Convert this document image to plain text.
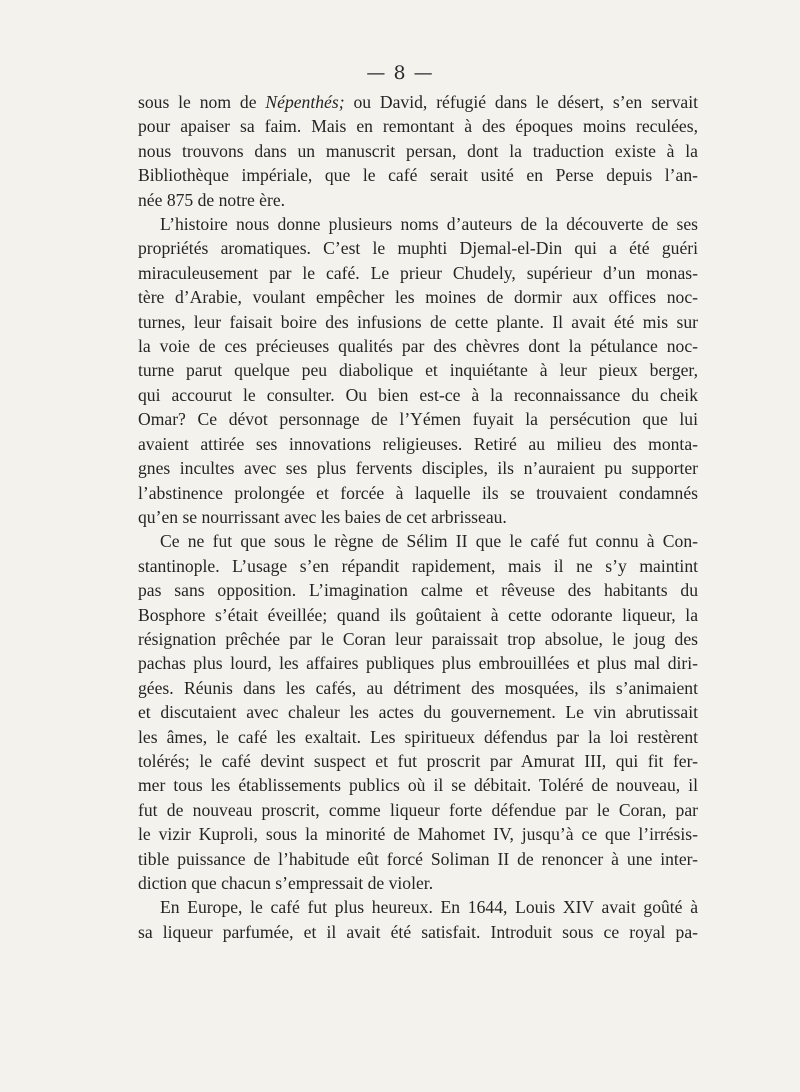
— 8 —

sous le nom de Népenthés; ou David, réfugié dans le désert, s’en servait
pour apaiser sa faim. Mais en remontant à des époques moins reculées,
nous trouvons dans un manuscrit persan, dont la traduction existe à la
Bibliothèque impériale, que le café serait usité en Perse depuis l’an-
née 875 de notre ère.

L’histoire nous donne plusieurs noms d’auteurs de la découverte de ses
propriétés aromatiques. C’est le muphti Djemal-el-Din qui a été guéri
miraculeusement par le café. Le prieur Chudely, supérieur d’un monas-
tère d’Arabie, voulant empêcher les moines de dormir aux offices noc-
turnes, leur faisait boire des infusions de cette plante. Il avait été mis sur
la voie de ces précieuses qualités par des chèvres dont la pétulance noc-
turne parut quelque peu diabolique et inquiétante à leur pieux berger,
qui accourut le consulter. Ou bien est-ce à la reconnaissance du cheik
Omar? Ce dévot personnage de l’Yémen fuyait la persécution que lui
avaient attirée ses innovations religieuses. Retiré au milieu des monta-
gnes incultes avec ses plus fervents disciples, ils n’auraient pu supporter
l’abstinence prolongée et forcée à laquelle ils se trouvaient condamnés
qu’en se nourrissant avec les baies de cet arbrisseau.

Ce ne fut que sous le règne de Sélim II que le café fut connu à Con-
stantinople. L’usage s’en répandit rapidement, mais il ne s’y maintint
pas sans opposition. L’imagination calme et rêveuse des habitants du
Bosphore s’était éveillée; quand ils goûtaient à cette odorante liqueur, la
résignation prêchée par le Coran leur paraissait trop absolue, le joug des
pachas plus lourd, les affaires publiques plus embrouillées et plus mal diri-
gées. Réunis dans les cafés, au détriment des mosquées, ils s’animaient
et discutaient avec chaleur les actes du gouvernement. Le vin abrutissait
les âmes, le café les exaltait. Les spiritueux défendus par la loi restèrent
tolérés; le café devint suspect et fut proscrit par Amurat III, qui fit fer-
mer tous les établissements publics où il se débitait. Toléré de nouveau, il
fut de nouveau proscrit, comme liqueur forte défendue par le Coran, par
le vizir Kuproli, sous la minorité de Mahomet IV, jusqu’à ce que l’irrésis-
tible puissance de l’habitude eût forcé Soliman II de renoncer à une inter-
diction que chacun s’empressait de violer.

En Europe, le café fut plus heureux. En 1644, Louis XIV avait goûté à
sa liqueur parfumée, et il avait été satisfait. Introduit sous ce royal pa-
